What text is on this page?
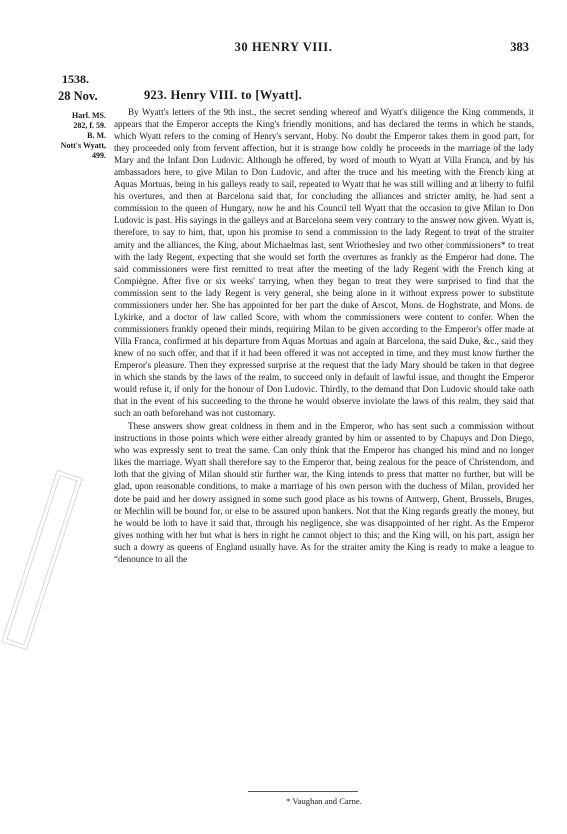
30 HENRY VIII.	383
1538.
28 Nov.	923. Henry VIII. to [Wyatt].
Harl. MS.
282, f. 59.
B. M.
Nott's Wyatt,
499.

By Wyatt's letters of the 9th inst., the secret sending whereof and Wyatt's diligence the King commends, it appears that the Emperor accepts the King's friendly monitions, and has declared the terms in which he stands, which Wyatt refers to the coming of Henry's servant, Hoby. No doubt the Emperor takes them in good part, for they proceeded only from fervent affection, but it is strange how coldly he proceeds in the marriage of the lady Mary and the Infant Don Ludovic. Although he offered, by word of mouth to Wyatt at Villa Franca, and by his ambassadors here, to give Milan to Don Ludovic, and after the truce and his meeting with the French king at Aquas Mortuas, being in his galleys ready to sail, repeated to Wyatt that he was still willing and at liberty to fulfil his overtures, and then at Barcelona said that, for concluding the alliances and stricter amity, he had sent a commission to the queen of Hungary, now he and his Council tell Wyatt that the occasion to give Milan to Don Ludovic is past. His sayings in the galleys and at Barcelona seem very contrary to the answer now given. Wyatt is, therefore, to say to him, that, upon his promise to send a commission to the lady Regent to treat of the straiter amity and the alliances, the King, about Michaelmas last, sent Wriothesley and two other commissioners* to treat with the lady Regent, expecting that she would set forth the overtures as frankly as the Emperor had done. The said commissioners were first remitted to treat after the meeting of the lady Regent with the French king at Compiègne. After five or six weeks' tarrying, when they began to treat they were surprised to find that the commission sent to the lady Regent is very general, she being alone in it without express power to substitute commissioners under her. She has appointed for her part the duke of Arscot, Mons. de Hoghstrate, and Mons. de Lykirke, and a doctor of law called Score, with whom the commissioners were content to confer. When the commissioners frankly opened their minds, requiring Milan to be given according to the Emperor's offer made at Villa Franca, confirmed at his departure from Aquas Mortuas and again at Barcelona, the said Duke, &c., said they knew of no such offer, and that if it had been offered it was not accepted in time, and they must know further the Emperor's pleasure. Then they expressed surprise at the request that the lady Mary should be taken in that degree in which she stands by the laws of the realm, to succeed only in default of lawful issue, and thought the Emperor would refuse it, if only for the honour of Don Ludovic. Thirdly, to the demand that Don Ludovic should take oath that in the event of his succeeding to the throne he would observe inviolate the laws of this realm, they said that such an oath beforehand was not customary.

These answers show great coldness in them and in the Emperor, who has sent such a commission without instructions in those points which were either already granted by him or assented to by Chapuys and Don Diego, who was expressly sent to treat the same. Can only think that the Emperor has changed his mind and no longer likes the marriage. Wyatt shall therefore say to the Emperor that, being zealous for the peace of Christendom, and loth that the giving of Milan should stir further war, the King intends to press that matter no further, but will be glad, upon reasonable conditions, to make a marriage of his own person with the duchess of Milan, provided her dote be paid and her dowry assigned in some such good place as his towns of Antwerp, Ghent, Brussels, Bruges, or Mechlin will be bound for, or else to be assured upon bankers. Not that the King regards greatly the money, but he would be loth to have it said that, through his negligence, she was disappointed of her right. As the Emperor gives nothing with her but what is hers in right he cannot object to this; and the King will, on his part, assign her such a dowry as queens of England usually have. As for the straiter amity the King is ready to make a league to “denounce to all the

* Vaughan and Carne.
